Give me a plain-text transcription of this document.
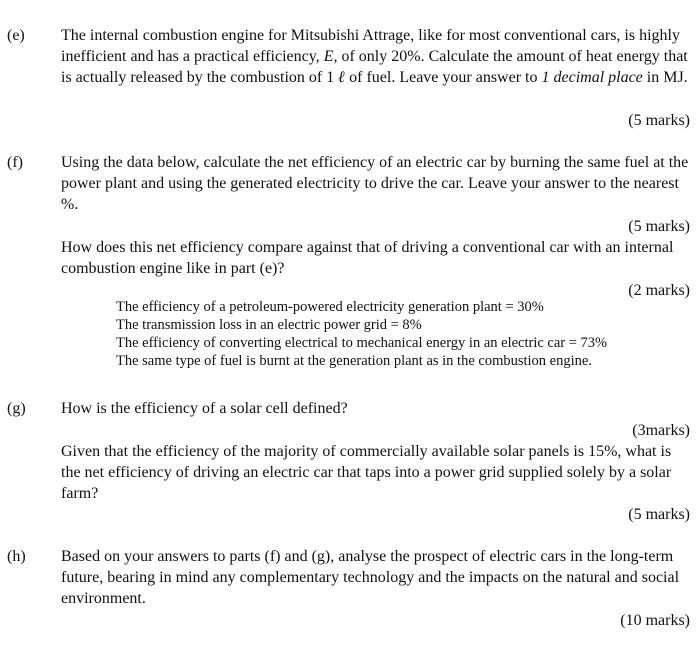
(e) The internal combustion engine for Mitsubishi Attrage, like for most conventional cars, is highly inefficient and has a practical efficiency, E, of only 20%. Calculate the amount of heat energy that is actually released by the combustion of 1 ℓ of fuel. Leave your answer to 1 decimal place in MJ.

(5 marks)
(f) Using the data below, calculate the net efficiency of an electric car by burning the same fuel at the power plant and using the generated electricity to drive the car. Leave your answer to the nearest %.

(5 marks)

How does this net efficiency compare against that of driving a conventional car with an internal combustion engine like in part (e)?

(2 marks)
The efficiency of a petroleum-powered electricity generation plant = 30%
The transmission loss in an electric power grid = 8%
The efficiency of converting electrical to mechanical energy in an electric car = 73%
The same type of fuel is burnt at the generation plant as in the combustion engine.
(g) How is the efficiency of a solar cell defined?

(3marks)

Given that the efficiency of the majority of commercially available solar panels is 15%, what is the net efficiency of driving an electric car that taps into a power grid supplied solely by a solar farm?

(5 marks)
(h) Based on your answers to parts (f) and (g), analyse the prospect of electric cars in the long-term future, bearing in mind any complementary technology and the impacts on the natural and social environment.

(10 marks)
